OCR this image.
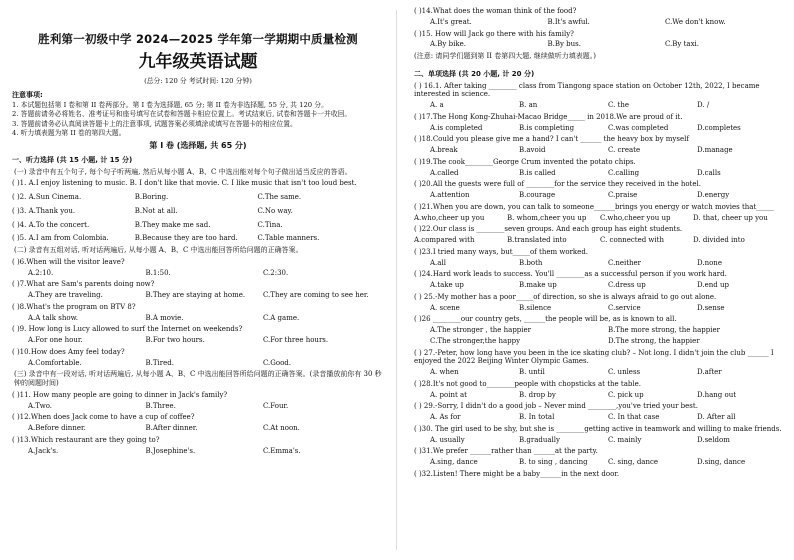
胜利第一初级中学 2024—2025 学年第一学期期中质量检测
九年级英语试题
(总分: 120 分 考试时间: 120 分钟)
注意事项:
1. 本试题包括第 I 卷和第 II 卷两部分。第 I 卷为选择题, 65 分; 第 II 卷为非选择题, 55 分, 共 120 分。
2. 答题前请务必将姓名、准考证号和座号填写在试卷和答题卡相应位置上。考试结束后, 试卷和答题卡一并收回。
3. 答题前请务必认真阅读答题卡上的注意事项, 试题答案必须填涂或填写在答题卡的相应位置。
4. 听力填表题为第 II 卷的第四大题。
第 I 卷 (选择题, 共 65 分)
一、听力选择 (共 15 小题, 计 15 分)
(一) 录音中有五个句子, 每个句子听两遍, 然后从每小题 A、B、C 中选出能对每个句子做出适当反应的答语。
( )1. A.I enjoy listening to music. B. I don't like that movie. C. I like music that isn't too loud best.
( )2. A.Sun Cinema.	B.Boring.	C.The same.
( )3. A.Thank you.	B.Not at all.	C.No way.
( )4. A.To the concert.	B.They make me sad.	C.Tina.
( )5. A.I am from Colombia.	B.Because they are too hard.	C.Table manners.
(二) 录音有五组对话, 听对话两遍后, 从每小题 A、B、C 中选出能回答所给问题的正确答案。
( )6.When will the visitor leave?
A.2:10.	B.1:50.	C.2:30.
( )7.What are Sam's parents doing now?
A.They are traveling.	B.They are staying at home.	C.They are coming to see her.
( )8.What's the program on BTV 8?
A.A talk show.	B.A movie.	C.A game.
( )9. How long is Lucy allowed to surf the Internet on weekends?
A.For one hour.	B.For two hours.	C.For three hours.
( )10.How does Amy feel today?
A.Comfortable.	B.Tired.	C.Good.
(三) 录音中有一段对话, 听对话两遍后, 从每小题 A、B、C 中选出能回答所给问题的正确答案。(录音播放前你有 30 秒钟的阅题时间)
( )11. How many people are going to dinner in Jack's family?
A.Two.	B.Three.	C.Four.
( )12.When does Jack come to have a cup of coffee?
A.Before dinner.	B.After dinner.	C.At noon.
( )13.Which restaurant are they going to?
A.Jack's.	B.Josephine's.	C.Emma's.
( )14.What does the woman think of the food?
A.It's great.	B.It's awful.	C.We don't know.
( )15. How will Jack go there with his family?
A.By bike.	B.By bus.	C.By taxi.
(注意: 请同学们题到第 II 卷第四大题, 继续做听力填表题。)
二、单项选择 (共 20 小题, 计 20 分)
( ) 16.1. After taking ________ class from Tiangong space station on October 12th, 2022, I became interested in science.
A. a	B. an	C. the	D. /
( )17.The Hong Kong-Zhuhai-Macao Bridge_____ in 2018.We are proud of it.
A.is completed	B.is completing	C.was completed	D.completes
( )18.Could you please give me a hand? I can't ______ the heavy box by myself
A.break	B.avoid	C. create	D.manage
( )19.The cook________George Crum invented the potato chips.
A.called	B.is called	C.calling	D.calls
( )20.All the guests were full of ________for the service they received in the hotel.
A.attention	B.courage	C.praise	D.energy
( )21.When you are down, you can talk to someone______brings you energy or watch movies that_____
A.who,cheer up you	B. whom,cheer you up	C.who,cheer you up	D. that, cheer up you
( )22.Our class is ________seven groups. And each group has eight students.
A.compared with	B.translated into	C. connected with	D. divided into
( )23.I tried many ways, but_____of them worked.
A.all	B.both	C.neither	D.none
( )24.Hard work leads to success. You'll ________as a successful person if you work hard.
A.take up	B.make up	C.dress up	D.end up
( ) 25.-My mother has a poor_____of direction, so she is always afraid to go out alone.
A. scene	B.silence	C.service	D.sense
( )26 ________our country gets, ______the people will be, as is known to all.
A.The stronger , the happier	B.The more strong, the happier
C.The stronger,the happy	D.The strong, the happier
( ) 27.-Peter, how long have you been in the ice skating club? – Not long. I didn't join the club ______ I enjoyed the 2022 Beijing Winter Olympic Games.
A. when	B. until	C. unless	D.after
( )28.It's not good to________people with chopsticks at the table.
A. point at	B. drop by	C. pick up	D.hang out
( ) 29.-Sorry, I didn't do a good job – Never mind ________,you've tried your best.
A. As for	B. In total	C. In that case	D. After all
( )30. The girl used to be shy, but she is ________getting active in teamwork and willing to make friends.
A. usually	B.gradually	C. mainly	D.seldom
( )31.We prefer ______rather than ______at the party.
A.sing, dance	B. to sing , dancing	C. sing, dance	D.sing, dance
( )32.Listen! There might be a baby______in the next door.
